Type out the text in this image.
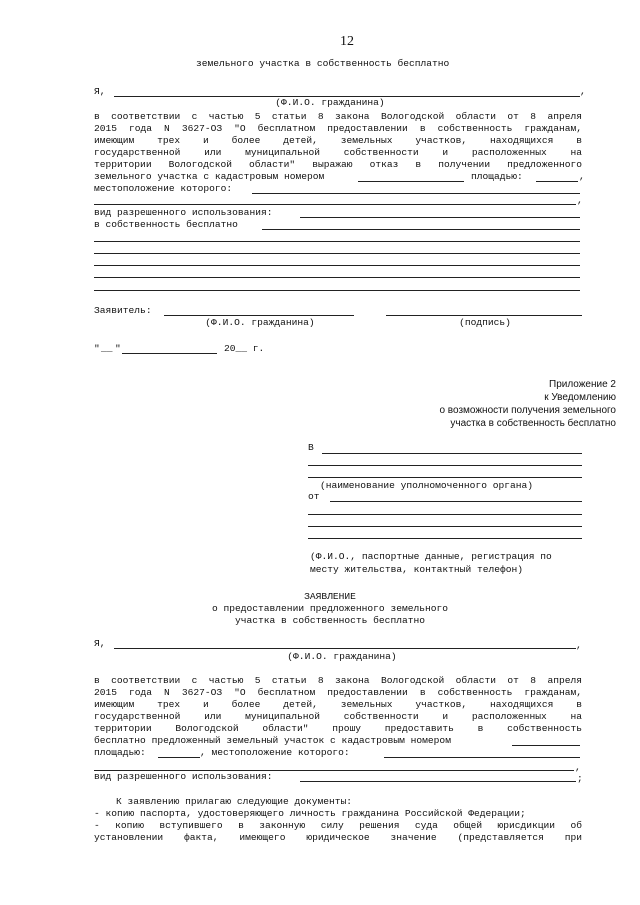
12
земельного участка в собственность бесплатно
Я,	,
(Ф.И.О. гражданина)
в соответствии с частью 5 статьи 8 закона Вологодской области от 8 апреля
2015 года N 3627-ОЗ "О бесплатном предоставлении в собственность гражданам,
имеющим трех и более детей, земельных участков, находящихся в
государственной или муниципальной собственности и расположенных на
территории Вологодской области" выражаю отказ в получении предложенного
земельного участка с кадастровым номером	площадью:	,
местоположение которого:
,
вид разрешенного использования:
в собственность бесплатно
Заявитель:
(Ф.И.О. гражданина)	(подпись)
" __ "	20__ г.
Приложение 2
к Уведомлению
о возможности получения земельного
участка в собственность бесплатно
В
(наименование уполномоченного органа)
от
(Ф.И.О., паспортные данные, регистрация по
месту жительства, контактный телефон)
ЗАЯВЛЕНИЕ
о предоставлении предложенного земельного
участка в собственность бесплатно
Я,	,
(Ф.И.О. гражданина)
в соответствии с частью 5 статьи 8 закона Вологодской области от 8 апреля
2015 года N 3627-ОЗ "О бесплатном предоставлении в собственность гражданам,
имеющим трех и более детей, земельных участков, находящихся в
государственной или муниципальной собственности и расположенных на
территории Вологодской области" прошу предоставить в собственность
бесплатно предложенный земельный участок с кадастровым номером
площадью:	, местоположение которого:
,
вид разрешенного использования:	;
К заявлению прилагаю следующие документы:
- копию паспорта, удостоверяющего личность гражданина Российской Федерации;
- копию вступившего в законную силу решения суда общей юрисдикции об
установлении факта, имеющего юридическое значение (представляется при
